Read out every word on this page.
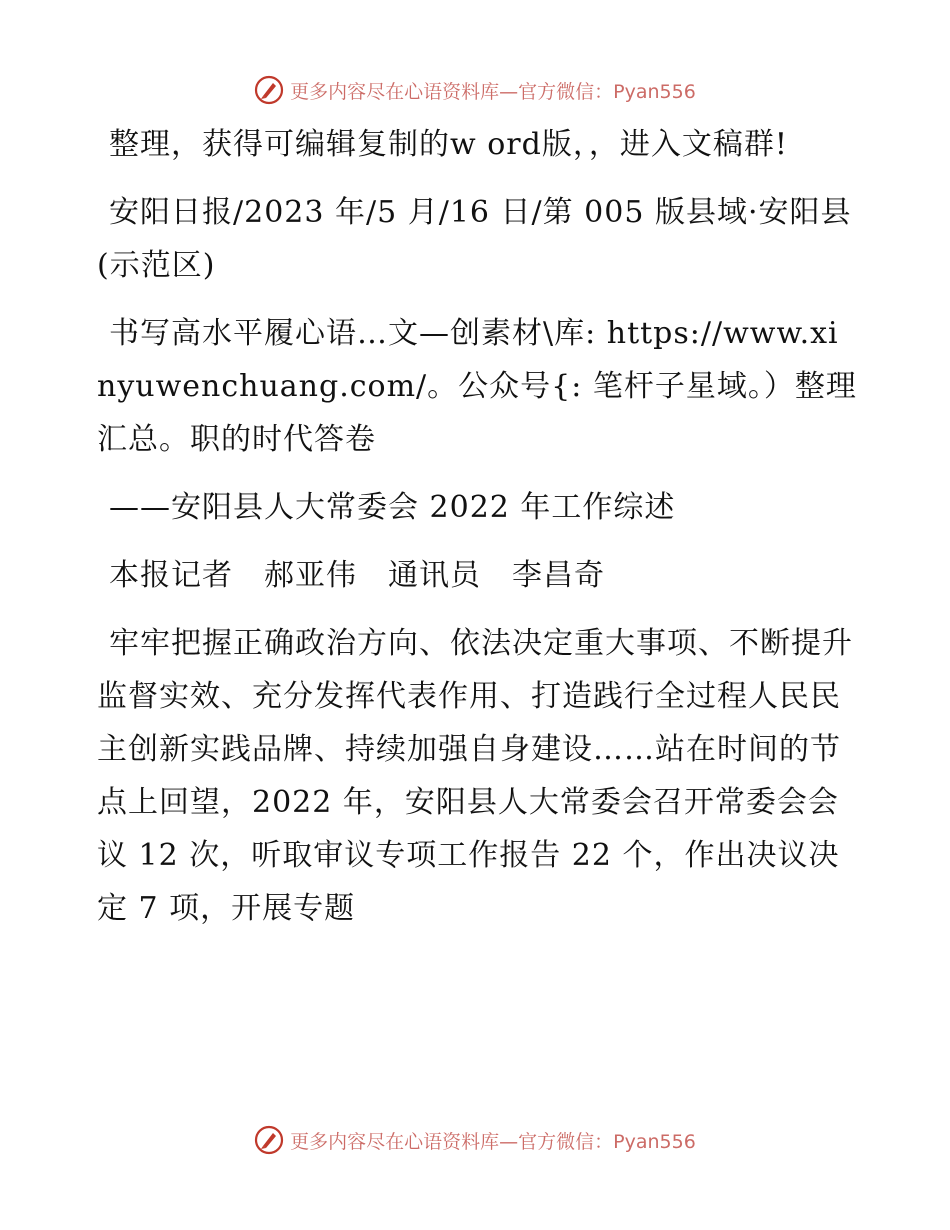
更多内容尽在心语资料库—官方微信：Pyan556

整理，获得可编辑复制的w ord版，，进入文稿群!

安阳日报/2023 年/5 月/16 日/第 005 版县域·安阳县(示范区)

书写高水平履心语…文—创素材\库: https://www.xinyuwenchuang.com/。公众号{: 笔杆子星域。）整理汇总。职的时代答卷

——安阳县人大常委会 2022 年工作综述

本报记者　郝亚伟　通讯员　李昌奇

牢牢把握正确政治方向、依法决定重大事项、不断提升监督实效、充分发挥代表作用、打造践行全过程人民民主创新实践品牌、持续加强自身建设……站在时间的节点上回望，2022 年，安阳县人大常委会召开常委会会议 12 次，听取审议专项工作报告 22 个，作出决议决定 7 项，开展专题

更多内容尽在心语资料库—官方微信：Pyan556
